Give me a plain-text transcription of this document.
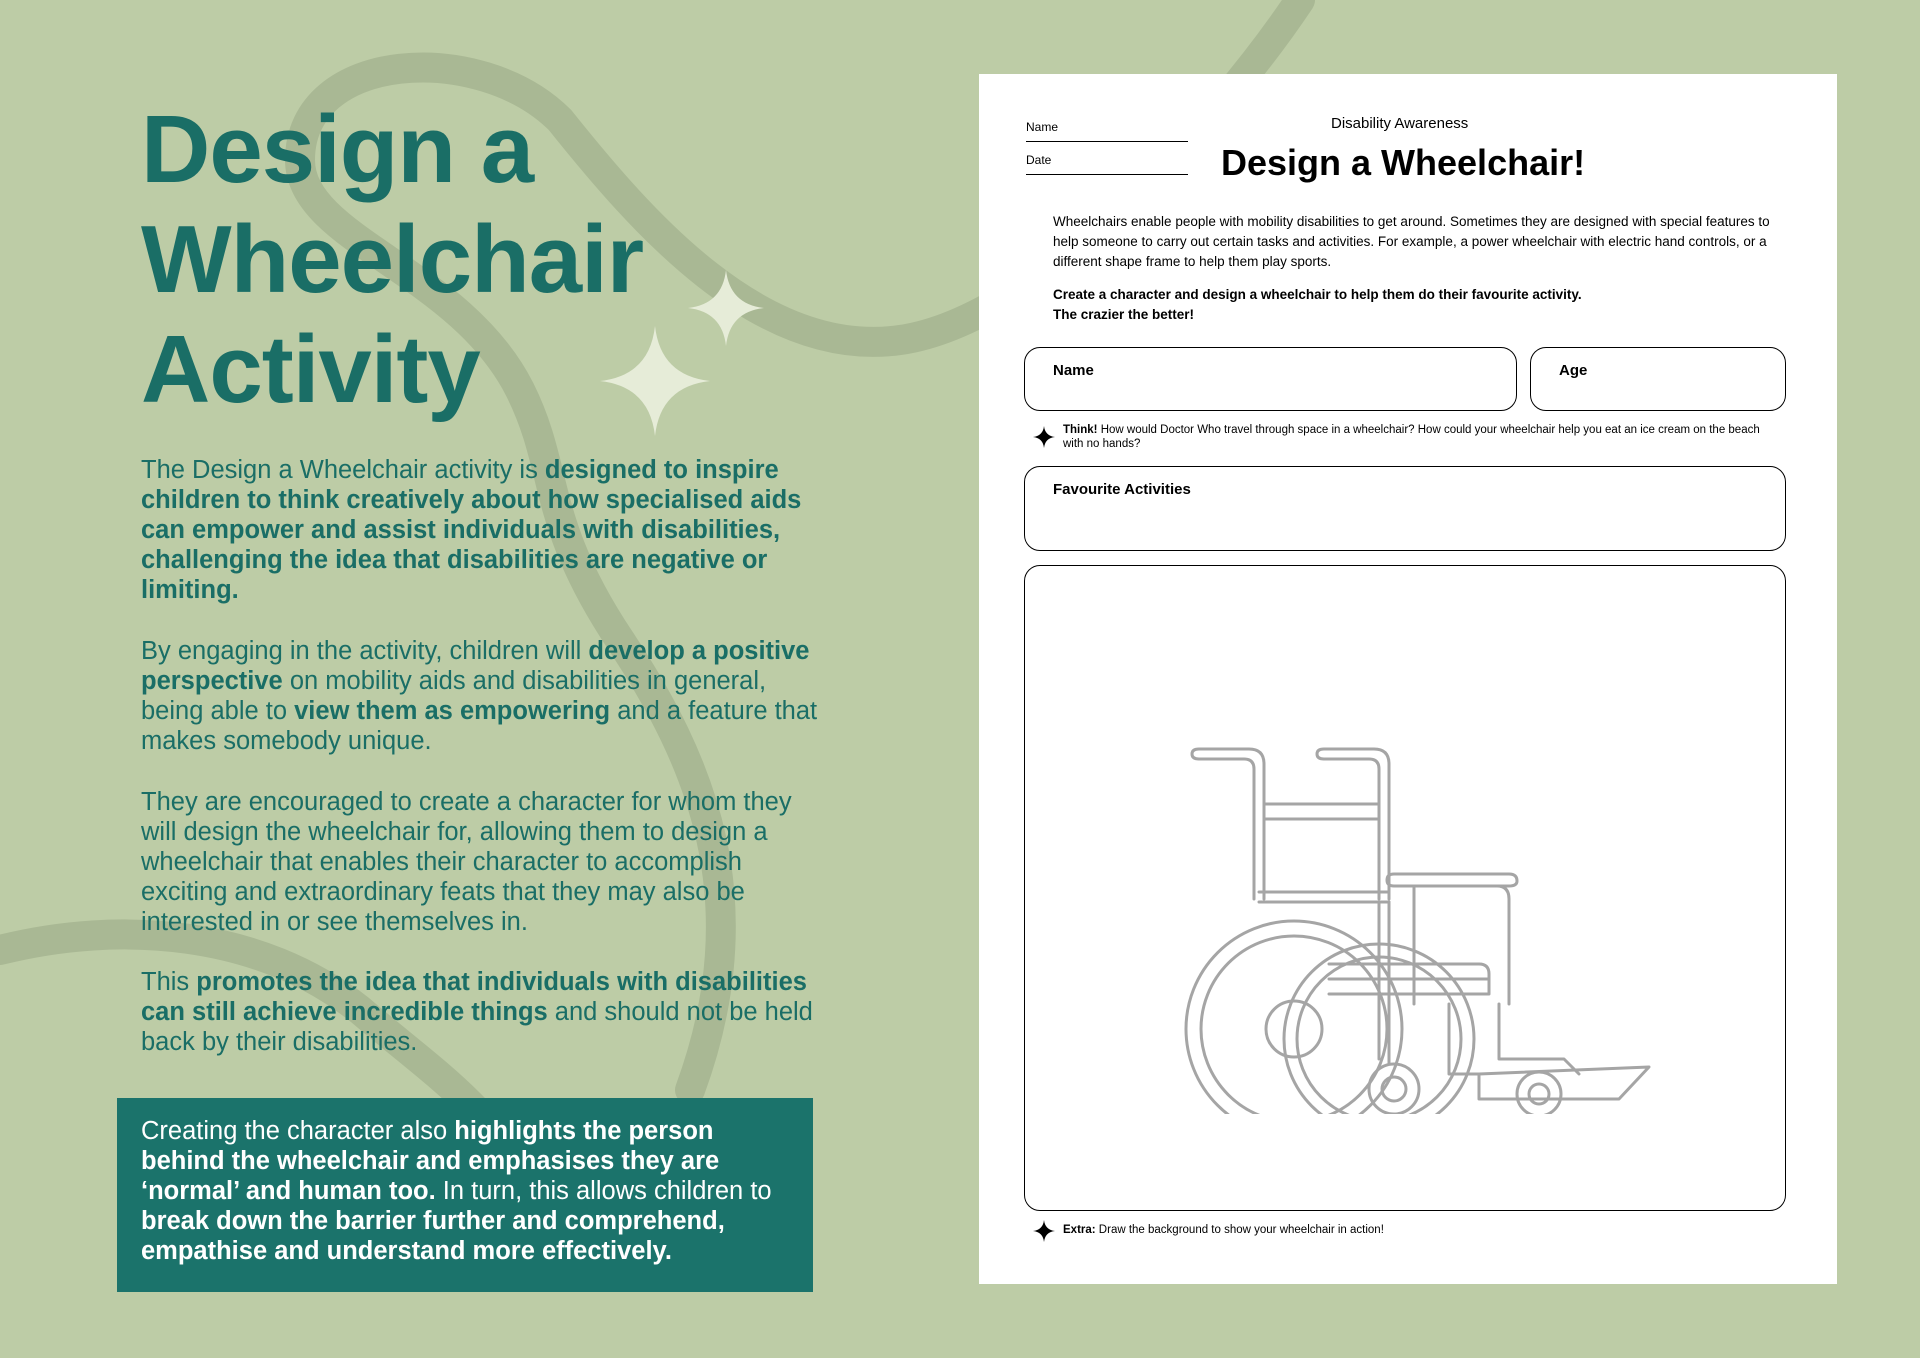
Design a
Wheelchair
Activity

The Design a Wheelchair activity is designed to inspire children to think creatively about how specialised aids can empower and assist individuals with disabilities, challenging the idea that disabilities are negative or limiting.

By engaging in the activity, children will develop a positive perspective on mobility aids and disabilities in general, being able to view them as empowering and a feature that makes somebody unique.

They are encouraged to create a character for whom they will design the wheelchair for, allowing them to design a wheelchair that enables their character to accomplish exciting and extraordinary feats that they may also be interested in or see themselves in.

This promotes the idea that individuals with disabilities can still achieve incredible things and should not be held back by their disabilities.

Creating the character also highlights the person behind the wheelchair and emphasises they are ‘normal’ and human too. In turn, this allows children to break down the barrier further and comprehend, empathise and understand more effectively.
Name
Date
Disability Awareness
Design a Wheelchair!
Wheelchairs enable people with mobility disabilities to get around. Sometimes they are designed with special features to help someone to carry out certain tasks and activities. For example, a power wheelchair with electric hand controls, or a different shape frame to help them play sports.
Create a character and design a wheelchair to help them do their favourite activity.
The crazier the better!
Name	Age
Think! How would Doctor Who travel through space in a wheelchair? How could your wheelchair help you eat an ice cream on the beach with no hands?
Favourite Activities
Extra: Draw the background to show your wheelchair in action!
